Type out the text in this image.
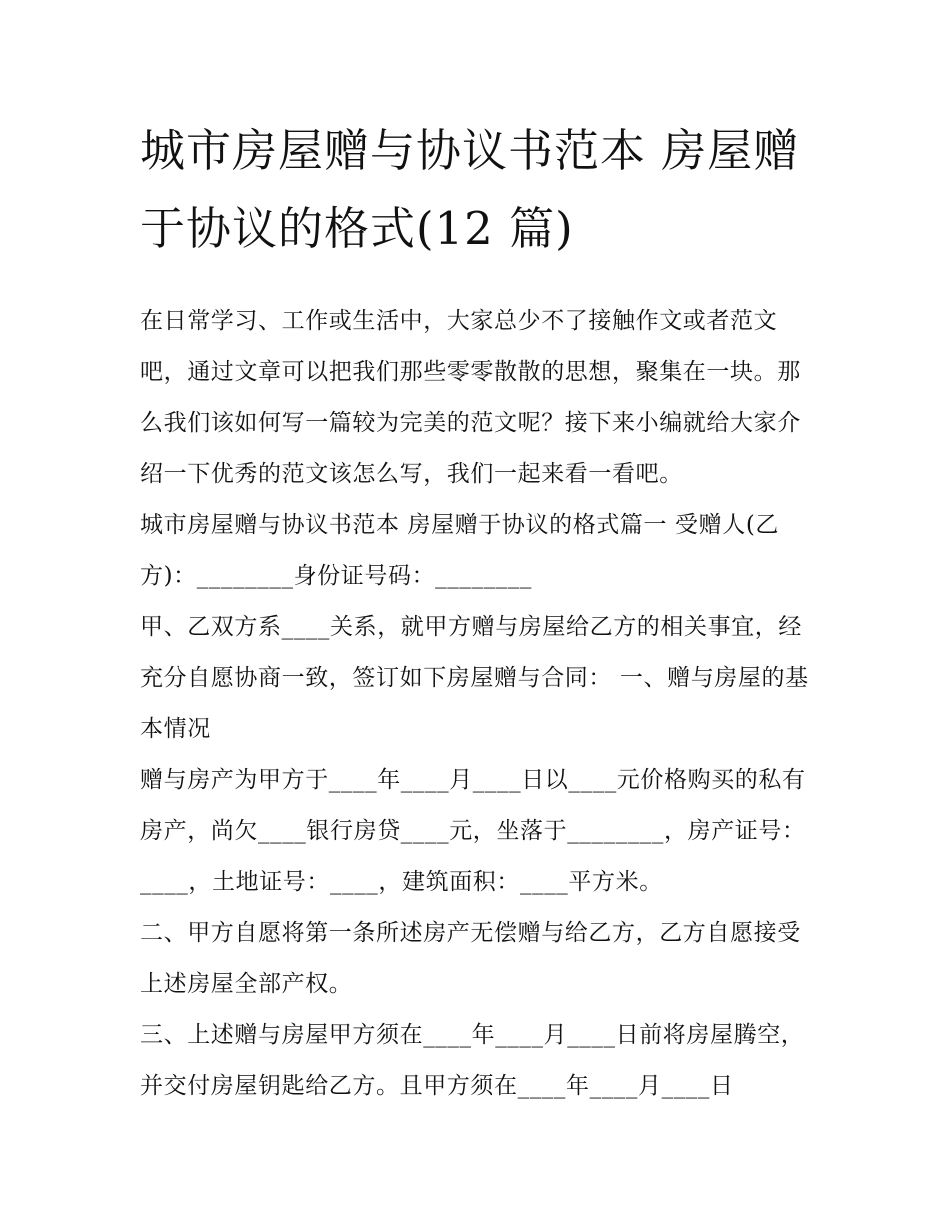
城市房屋赠与协议书范本 房屋赠于协议的格式(12 篇)

在日常学习、工作或生活中，大家总少不了接触作文或者范文吧，通过文章可以把我们那些零零散散的思想，聚集在一块。那么我们该如何写一篇较为完美的范文呢？接下来小编就给大家介绍一下优秀的范文该怎么写，我们一起来看一看吧。

城市房屋赠与协议书范本 房屋赠于协议的格式篇一 受赠人(乙方)：________身份证号码：________

甲、乙双方系____关系，就甲方赠与房屋给乙方的相关事宜，经充分自愿协商一致，签订如下房屋赠与合同： 一、赠与房屋的基本情况

赠与房产为甲方于____年____月____日以____元价格购买的私有房产，尚欠____银行房贷____元，坐落于________，房产证号：____，土地证号：____，建筑面积：____平方米。

二、甲方自愿将第一条所述房产无偿赠与给乙方，乙方自愿接受上述房屋全部产权。

三、上述赠与房屋甲方须在____年____月____日前将房屋腾空，并交付房屋钥匙给乙方。且甲方须在____年____月____日
